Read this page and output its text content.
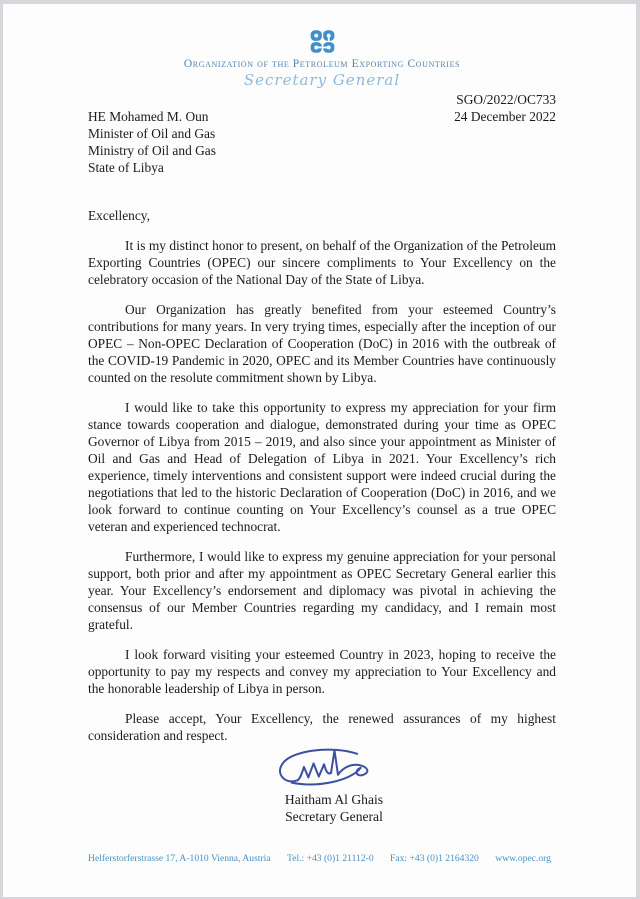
Organization of the Petroleum Exporting Countries
Secretary General
SGO/2022/OC733
24 December 2022
HE Mohamed M. Oun
Minister of Oil and Gas
Ministry of Oil and Gas
State of Libya
Excellency,

It is my distinct honor to present, on behalf of the Organization of the Petroleum Exporting Countries (OPEC) our sincere compliments to Your Excellency on the celebratory occasion of the National Day of the State of Libya.

Our Organization has greatly benefited from your esteemed Country’s contributions for many years. In very trying times, especially after the inception of our OPEC – Non-OPEC Declaration of Cooperation (DoC) in 2016 with the outbreak of the COVID-19 Pandemic in 2020, OPEC and its Member Countries have continuously counted on the resolute commitment shown by Libya.

I would like to take this opportunity to express my appreciation for your firm stance towards cooperation and dialogue, demonstrated during your time as OPEC Governor of Libya from 2015 – 2019, and also since your appointment as Minister of Oil and Gas and Head of Delegation of Libya in 2021. Your Excellency’s rich experience, timely interventions and consistent support were indeed crucial during the negotiations that led to the historic Declaration of Cooperation (DoC) in 2016, and we look forward to continue counting on Your Excellency’s counsel as a true OPEC veteran and experienced technocrat.

Furthermore, I would like to express my genuine appreciation for your personal support, both prior and after my appointment as OPEC Secretary General earlier this year. Your Excellency’s endorsement and diplomacy was pivotal in achieving the consensus of our Member Countries regarding my candidacy, and I remain most grateful.

I look forward visiting your esteemed Country in 2023, hoping to receive the opportunity to pay my respects and convey my appreciation to Your Excellency and the honorable leadership of Libya in person.

Please accept, Your Excellency, the renewed assurances of my highest consideration and respect.

Haitham Al Ghais
Secretary General
Helferstorferstrasse 17, A-1010 Vienna, Austria Tel.: +43 (0)1 21112-0 Fax: +43 (0)1 2164320 www.opec.org
